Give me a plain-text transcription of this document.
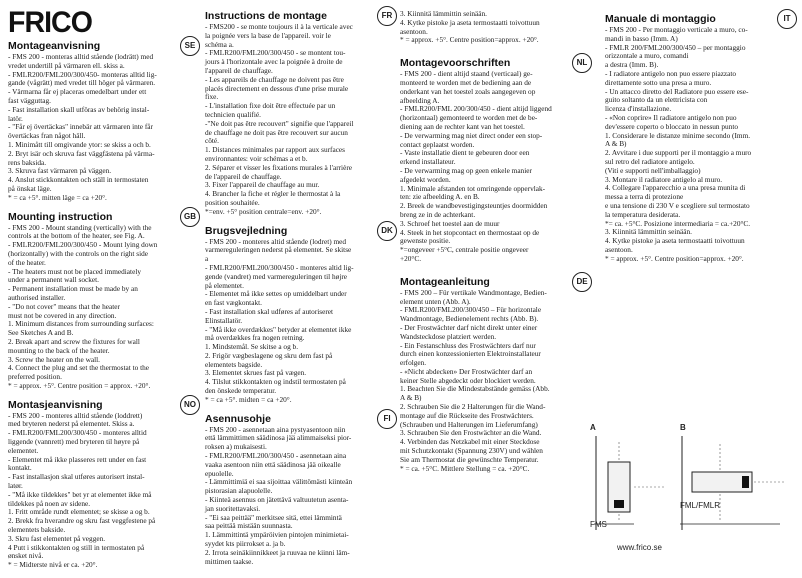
FRICO
SE
Montageanvisning

- FMS 200 - monteras alltid stående (lodrätt) med

vredet undertill på värmaren ell. skiss a.

- FMLR200/FML200/300/450- monteras alltid lig-

gande (vågrätt) med vredet till höger på värmaren.

- Värmarna får ej placeras omedelbart under ett

fast vägguttag.

- Fast installation skall utföras av behörig instal-

latör.

- "Får ej övertäckas" innebär att värmaren inte får

övertäckas fran något häll.

1. Minimått till omgivande ytor: se skiss a och b.

2. Bryt isär och skruva fast väggfästena på värma-

rens baksida.

3. Skruva fast värmaren på väggen.

4. Anslut stickkontakten och ställ in termostaten

på önskat läge.

* = ca +5°. mitten läge = ca +20°.

GB
Mounting instruction

- FMS 200 - Mount standing (vertically) with the

controls at the bottom of the heater, see Fig. A.

- FMLR200/FML200/300/450 - Mount lying down

(horizontally) with the controls on the right side

of the heater.

- The heaters must not be placed immediately

under a permanent wall socket.

- Permanent installation must be made by an

authorised installer.

- "Do not cover" means that the heater

must not be covered in any direction.

1. Minimum distances from surrounding surfaces:

See Sketches A and B.

2. Break apart and screw the fixtures for wall

mounting to the back of the heater.

3. Screw the heater on the wall.

4. Connect the plug and set the thermostat to the

preferred position.

* = approx. +5°. Centre position = approx. +20°.

NO
Montasjeanvisning

- FMS 200 - monteres alltid stående (loddrett)

med bryteren nederst på elementet. Skiss a.

- FMLR200/FML200/300/450 - monteres alltid

liggende (vannrett) med bryteren til høyre på

elementet.

- Elementet må ikke plasseres rett under en fast

kontakt.

- Fast installasjon skal utføres autorisert instal-

latør.

- "Må ikke tildekkes" bet yr at elementet ikke må

tildekkes på noen av sidene.

1. Fritt område rundt elementet; se skisse a og b.

2. Brekk fra hverandre og skru fast veggfestene på

elementets bakside.

3. Skru fast elementet på veggen.

4 Putt i stikkontakten og still in termostaten på

ønsket nivå.

* = Midterste nivå er ca. +20°.

FR
Instructions de montage

- FMS200 - se monte toujours il à la verticale avec

la poignée vers la base de l'appareil. voir le

schéma a.

- FMLR200/FML200/300/450 - se montent tou-

jours à l'horizontale avec la poignée à droite de

l'appareil de chauffage.

- Les appareils de chauffage ne doivent pas être

placés directement en dessous d'une prise murale

fixe.

- L'installation fixe doit être effectuée par un

technicien qualifié.

-"Ne doit pas être recouvert" signifie que l'appareil

de chauffage ne doit pas être recouvert sur aucun

côté.

1. Distances minimales par rapport aux surfaces

environnantes: voir schémas a et b.

2. Séparer et visser les fixations murales à l'arrière

de l'appareil de chauffage.

3. Fixer l'appareil de chauffage au mur.

4. Brancher la fiche et régler le thermostat à la

position souhaitée.

*=env. +5° position centrale=env. +20°.

DK
Brugsvejledning

- FMS 200 - monteres altid stående (lodret) med

varmereguleringen nederst på elementet. Se skitse

a

- FMLR200/FML200/300/450 - monteres altid lig-

gende (vandret) med varmereguleringen til højre

på elementet.

- Elementet må ikke settes op umiddelbart under

en fast vægkontakt.

- Fast installation skal udføres af autoriseret

Elinstallatör.

- "Må ikke overdækkes" betyder at elementet ikke

må overdækkes fra nogen retning.

1. Mindstemål. Se skitse a og b.

2. Frigör vægbeslagene og skru dem fast på

elementets bagside.

3. Elementet skrues fast på vægen.

4. Tilslut stikkontakten og indstil termostaten på

den önskede temperatur.

* = ca +5°. midten = ca +20°.

FI
Asennusohje

- FMS 200 - asennetaan aina pystyasentoon niin

että lämmittimen säädinosa jää alimmaiseksi pior-

roksen a) mukaisesti.

- FMLR200/FML200/300/450 - asennetaan aina

vaaka asentoon niin että säädinosa jää oikealle

epuolelle.

- Lämmittimiä ei saa sijoittaa välittömästi kiinteän

pistorasian alapuolelle.

- Kiinteä asennus on jätettävä valtuutetun asenta-

jan suoritettavaksi.

- "Ei saa peittää" merkitsee sitä, ettei lämmintä

saa peittää mistään suunnasta.

1. Lämmittintä ympäröivien pintojen minimietai-

syydet kts piirrokset a. ja b.

2. Irrota seinäkiinnikkeet ja ruuvaa ne kiinni läm-

mittimen taakse.

3. Kiinnitä lämmittin seinään.

4. Kytke pistoke ja aseta termostaatti toivottuun

asentoon.

* = approx. +5°. Centre position=approx. +20°.

NL
Montagevoorschriften

- FMS 200 - dient altijd staand (verticaal) ge-

monteerd te worden met de bediening aan de

onderkant van het toestel zoals aangegeven op

afbeelding A.

- FMLR200/FML 200/300/450 - dient altijd liggend

(horizontaal) gemonteerd te worden met de be-

diening aan de rechter kant van het toestel.

- De verwarming mag niet direct onder een stop-

contact geplaatst worden.

- Vaste installatie dient te gebeuren door een

erkend installateur.

- De verwarming mag op geen enkele manier

afgedekt worden.

1. Minimale afstanden tot omringende oppervlak-

ten: zie afbeelding A. en B.

2. Breek de wandbevestigingsteuntjes doormidden

breng ze in de achterkant.

3. Schroef het toestel aan de muur

4. Steek in het stopcontact en thermostaat op de

gewenste positie.

*=ongeveer +5°C, centrale positie ongeveer

+20°C.

DE
Montageanleitung

- FMS 200 – Für vertikale Wandmontage, Bedien-

element unten (Abb. A).

- FMLR200/FML200/300/450 – Für horizontale

Wandmontage, Bedienelement rechts (Abb. B).

- Der Frostwächter darf nicht direkt unter einer

Wandsteckdose platziert werden.

- Ein Festanschluss des Frostwächters darf nur

durch einen konzessionierten Elektroinstallateur

erfolgen.

- «Nicht abdecken» Der Frostwächter darf an

keiner Stelle abgedeckt oder blockiert werden.

1. Beachten Sie die Mindestabstände gemäss (Abb.

A & B)

2. Schrauben Sie die 2 Halterungen für die Wand-

montage auf die Rückseite des Frostwächters.

(Schrauben und Halterungen im Lieferumfang)

3. Schrauben Sie den Frostwächter an die Wand.

4. Verbinden das Netzkabel mit einer Steckdose

mit Schutzkontakt (Spannung 230V) und wählen

Sie am Thermostat die gewünschte Temperatur.

* = ca. +5°C. Mittlere Stellung = ca. +20°C.

IT
Manuale di montaggio

- FMS 200 - Per montaggio verticale a muro, co-

mandi in basso (Imm. A)

- FMLR 200/FML200/300/450 – per montaggio

orizzontale a muro, comandi

a destra (Imm. B).

- I radiatore antigelo non puo essere piazzato

direttamente sotto una presa a muro.

- Un attacco diretto del Radiatore puo essere ese-

guito soltanto da un elettricista con

licenza d'installazione.

- «Non coprire» Il radiatore antigelo non puo

dev'essere coperto o bloccato in nessun punto

1. Considerare le distanze minime secondo (Imm.

A & B)

2. Avvitare i due supporti per il montaggio a muro

sul retro del radiatore antigelo.

(Viti e supporti nell'imballaggio)

3. Montare il radiatore antigelo al muro.

4. Collegare l'apparecchio a una presa munita di

messa a terra di protezione

e una tensione di 230 V e scegliere sul termostato

la temperatura desiderata.

*= ca. +5°C. Posizione intermediaria = ca.+20°C.

3. Kiinnitä lämmittin seinään.

4. Kytke pistoke ja aseta termostaatti toivottuun

asentoon.

* = approx. +5°. Centre position=approx. +20°.

A	B
FMS
FML/FMLR
www.frico.se
